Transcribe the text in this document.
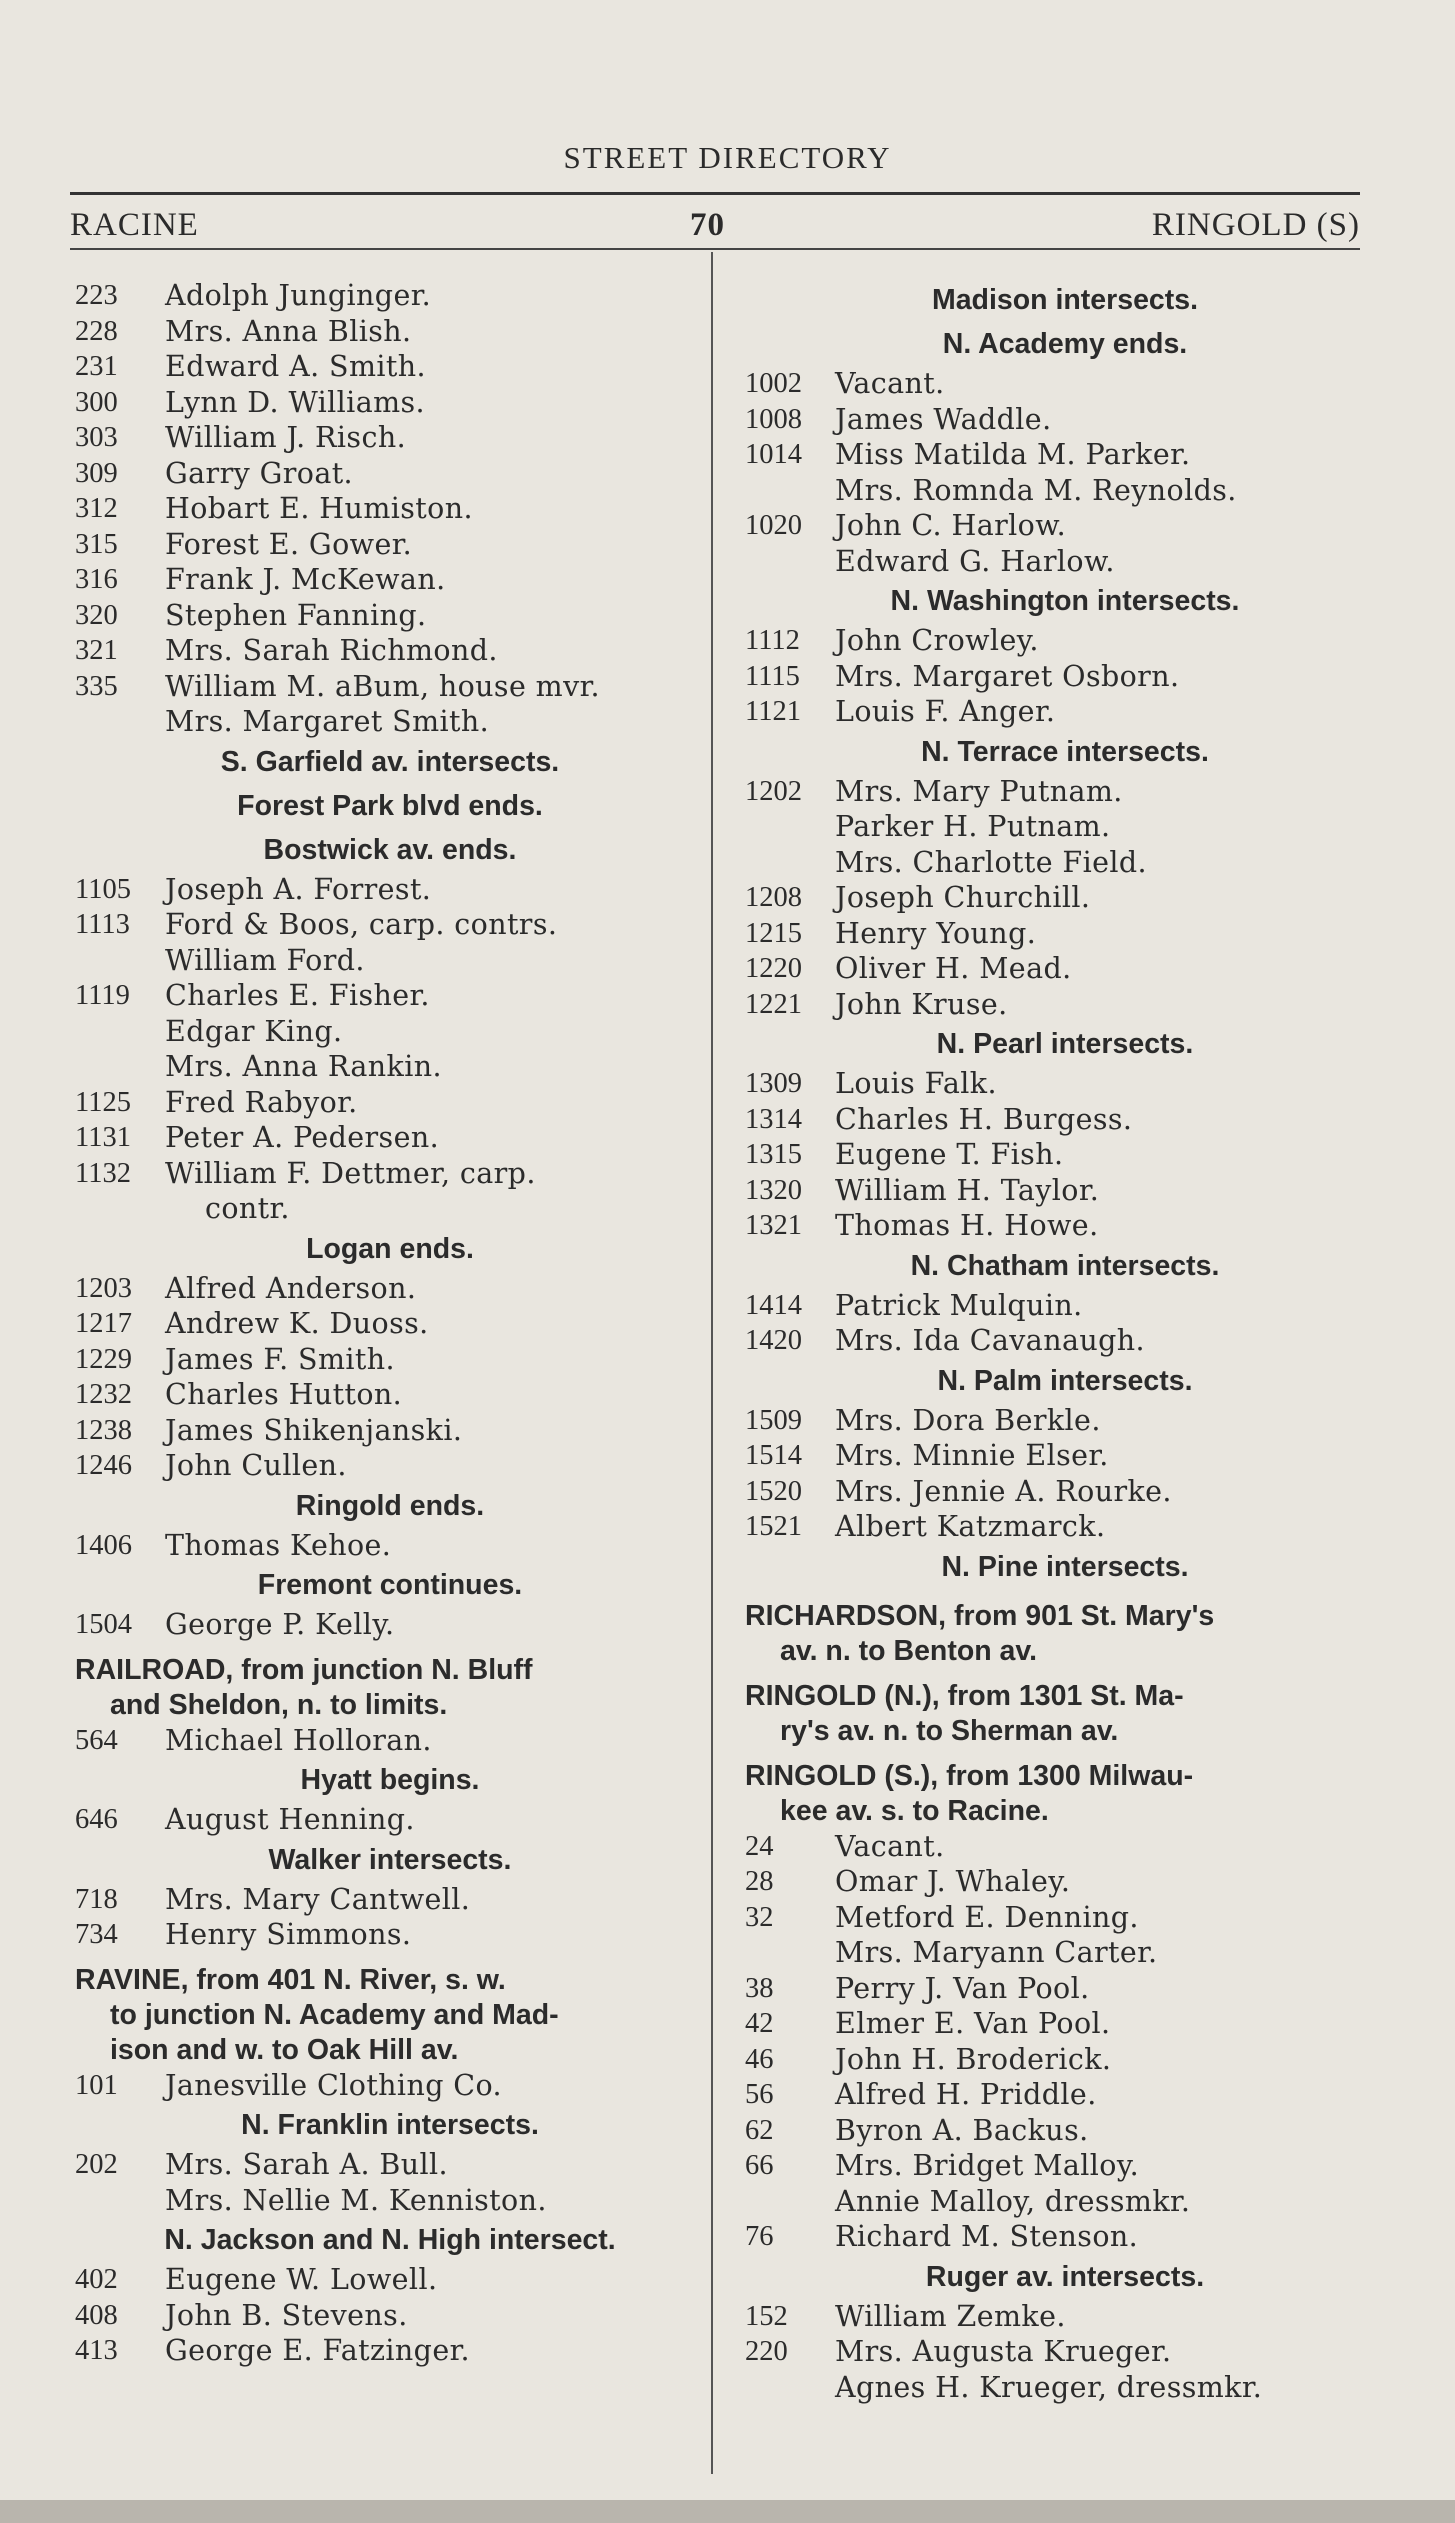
STREET DIRECTORY
RACINE	70	RINGOLD (S)
223	Adolph Junginger.
228	Mrs. Anna Blish.
231	Edward A. Smith.
300	Lynn D. Williams.
303	William J. Risch.
309	Garry Groat.
312	Hobart E. Humiston.
315	Forest E. Gower.
316	Frank J. McKewan.
320	Stephen Fanning.
321	Mrs. Sarah Richmond.
335	William M. aBum, house mvr.
Mrs. Margaret Smith.
S. Garfield av. intersects.
Forest Park blvd ends.
Bostwick av. ends.
1105	Joseph A. Forrest.
1113	Ford & Boos, carp. contrs.
William Ford.
1119	Charles E. Fisher.
Edgar King.
Mrs. Anna Rankin.
1125	Fred Rabyor.
1131	Peter A. Pedersen.
1132	William F. Dettmer, carp.
contr.
Logan ends.
1203	Alfred Anderson.
1217	Andrew K. Duoss.
1229	James F. Smith.
1232	Charles Hutton.
1238	James Shikenjanski.
1246	John Cullen.
Ringold ends.
1406	Thomas Kehoe.
Fremont continues.
1504	George P. Kelly.
RAILROAD, from junction N. Bluff
and Sheldon, n. to limits.
564	Michael Holloran.
Hyatt begins.
646	August Henning.
Walker intersects.
718	Mrs. Mary Cantwell.
734	Henry Simmons.
RAVINE, from 401 N. River, s. w.
to junction N. Academy and Mad-
ison and w. to Oak Hill av.
101	Janesville Clothing Co.
N. Franklin intersects.
202	Mrs. Sarah A. Bull.
Mrs. Nellie M. Kenniston.
N. Jackson and N. High intersect.
402	Eugene W. Lowell.
408	John B. Stevens.
413	George E. Fatzinger.
Madison intersects.
N. Academy ends.
1002	Vacant.
1008	James Waddle.
1014	Miss Matilda M. Parker.
Mrs. Romnda M. Reynolds.
1020	John C. Harlow.
Edward G. Harlow.
N. Washington intersects.
1112	John Crowley.
1115	Mrs. Margaret Osborn.
1121	Louis F. Anger.
N. Terrace intersects.
1202	Mrs. Mary Putnam.
Parker H. Putnam.
Mrs. Charlotte Field.
1208	Joseph Churchill.
1215	Henry Young.
1220	Oliver H. Mead.
1221	John Kruse.
N. Pearl intersects.
1309	Louis Falk.
1314	Charles H. Burgess.
1315	Eugene T. Fish.
1320	William H. Taylor.
1321	Thomas H. Howe.
N. Chatham intersects.
1414	Patrick Mulquin.
1420	Mrs. Ida Cavanaugh.
N. Palm intersects.
1509	Mrs. Dora Berkle.
1514	Mrs. Minnie Elser.
1520	Mrs. Jennie A. Rourke.
1521	Albert Katzmarck.
N. Pine intersects.
RICHARDSON, from 901 St. Mary's
av. n. to Benton av.
RINGOLD (N.), from 1301 St. Ma-
ry's av. n. to Sherman av.
RINGOLD (S.), from 1300 Milwau-
kee av. s. to Racine.
24	Vacant.
28	Omar J. Whaley.
32	Metford E. Denning.
Mrs. Maryann Carter.
38	Perry J. Van Pool.
42	Elmer E. Van Pool.
46	John H. Broderick.
56	Alfred H. Priddle.
62	Byron A. Backus.
66	Mrs. Bridget Malloy.
Annie Malloy, dressmkr.
76	Richard M. Stenson.
Ruger av. intersects.
152	William Zemke.
220	Mrs. Augusta Krueger.
Agnes H. Krueger, dressmkr.
